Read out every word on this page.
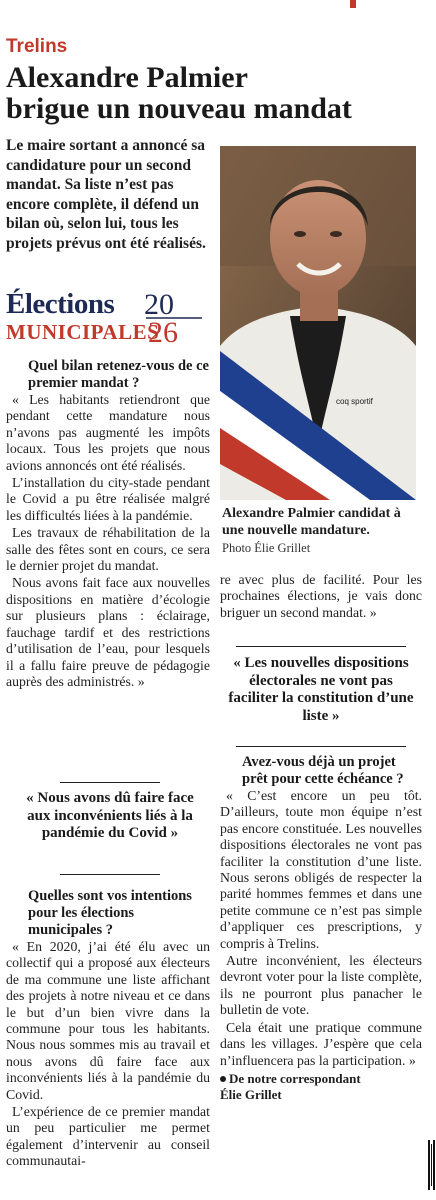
Trelins
Alexandre Palmier
brigue un nouveau mandat
Le maire sortant a annoncé sa candidature pour un second mandat. Sa liste n’est pas encore complète, il défend un bilan où, selon lui, tous les projets prévus ont été réalisés.
Élections
MUNICIPALES
20
26
coq sportif
Alexandre Palmier candidat à une nouvelle mandature.
Photo Élie Grillet
Quel bilan retenez-vous de ce premier mandat ?

« Les habitants retiendront que pendant cette mandature nous n’avons pas augmenté les impôts locaux. Tous les projets que nous avions annoncés ont été réalisés.

L’installation du city-stade pendant le Covid a pu être réalisée malgré les difficultés liées à la pandémie.

Les travaux de réhabilitation de la salle des fêtes sont en cours, ce sera le dernier projet du mandat.

Nous avons fait face aux nouvelles dispositions en matière d’écologie sur plusieurs plans : éclairage, fauchage tardif et des restrictions d’utilisation de l’eau, pour lesquels il a fallu faire preuve de pédagogie auprès des administrés. »

« Nous avons dû faire face aux inconvénients liés à la pandémie du Covid »
Quelles sont vos intentions pour les élections municipales ?

« En 2020, j’ai été élu avec un collectif qui a proposé aux électeurs de ma commune une liste affichant des projets à notre niveau et ce dans le but d’un bien vivre dans la commune pour tous les habitants. Nous nous sommes mis au travail et nous avons dû faire face aux inconvénients liés à la pandémie du Covid.

L’expérience de ce premier mandat un peu particulier me permet également d’intervenir au conseil communautai-

re avec plus de facilité. Pour les prochaines élections, je vais donc briguer un second mandat. »
« Les nouvelles dispositions électorales ne vont pas faciliter la constitution d’une liste »
Avez-vous déjà un projet prêt pour cette échéance ?

« C’est encore un peu tôt. D’ailleurs, toute mon équipe n’est pas encore constituée. Les nouvelles dispositions électorales ne vont pas faciliter la constitution d’une liste. Nous serons obligés de respecter la parité hommes femmes et dans une petite commune ce n’est pas simple d’appliquer ces prescriptions, y compris à Trelins.

Autre inconvénient, les électeurs devront voter pour la liste complète, ils ne pourront plus panacher le bulletin de vote.

Cela était une pratique commune dans les villages. J’espère que cela n’influencera pas la participation. »

De notre correspondant
Élie Grillet
